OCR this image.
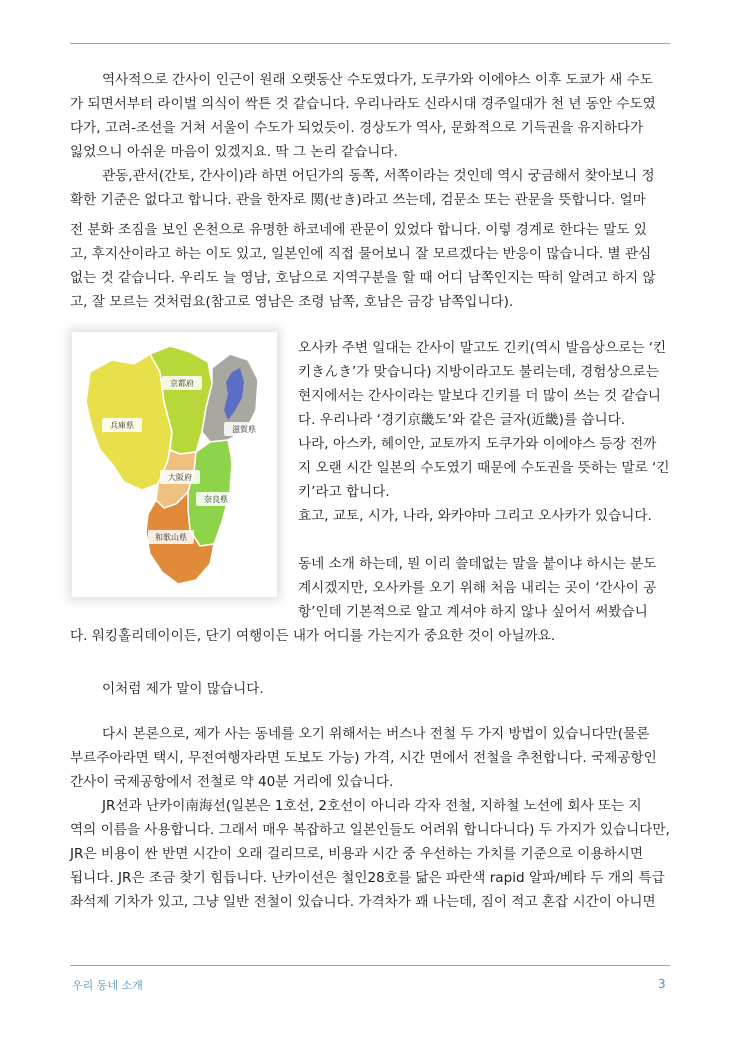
역사적으로 간사이 인근이 원래 오랫동산 수도였다가, 도쿠가와 이에야스 이후 도쿄가 새 수도
가 되면서부터 라이벌 의식이 싹튼 것 같습니다. 우리나라도 신라시대 경주일대가 천 년 동안 수도였
다가, 고려-조선을 거쳐 서울이 수도가 되었듯이. 경상도가 역사, 문화적으로 기득권을 유지하다가
잃었으니 아쉬운 마음이 있겠지요. 딱 그 논리 같습니다.
관동,관서(간토, 간사이)라 하면 어딘가의 동쪽, 서쪽이라는 것인데 역시 궁금해서 찾아보니 정
확한 기준은 없다고 합니다. 관을 한자로 関(せき)라고 쓰는데, 검문소 또는 관문을 뜻합니다. 얼마
전 분화 조짐을 보인 온천으로 유명한 하코네에 관문이 있었다 합니다. 이렇 경계로 한다는 말도 있
고, 후지산이라고 하는 이도 있고, 일본인에 직접 물어보니 잘 모르겠다는 반응이 많습니다. 별 관심
없는 것 같습니다. 우리도 늘 영남, 호남으로 지역구분을 할 때 어디 남쪽인지는 딱히 알려고 하지 않
고, 잘 모르는 것처럼요(참고로 영남은 조령 남쪽, 호남은 금강 남쪽입니다).
兵庫県
京都府
滋賀県
大阪府
奈良県
和歌山県
오사카 주변 일대는 간사이 말고도 긴키(역시 발음상으로는 ‘킨
키きんき’가 맞습니다) 지방이라고도 불리는데, 경험상으로는
현지에서는 간사이라는 말보다 긴키를 더 많이 쓰는 것 같습니
다. 우리나라 ‘경기京畿도’와 같은 글자(近畿)를 씁니다.
나라, 아스카, 헤이안, 교토까지 도쿠가와 이에야스 등장 전까
지 오랜 시간 일본의 수도였기 때문에 수도권을 뜻하는 말로 ‘긴
키’라고 합니다.
효고, 교토, 시가, 나라, 와카야마 그리고 오사카가 있습니다.

동네 소개 하는데, 뭔 이리 쓸데없는 말을 붙이냐 하시는 분도
계시겠지만, 오사카를 오기 위해 처음 내리는 곳이 ‘간사이 공
항’인데 기본적으로 알고 계셔야 하지 않나 싶어서 써봤습니
다. 워킹홀리데이이든, 단기 여행이든 내가 어디를 가는지가 중요한 것이 아닐까요.
이처럼 제가 말이 많습니다.
다시 본론으로, 제가 사는 동네를 오기 위해서는 버스나 전철 두 가지 방법이 있습니다만(물론
부르주아라면 택시, 무전여행자라면 도보도 가능) 가격, 시간 면에서 전철을 추천합니다. 국제공항인
간사이 국제공항에서 전철로 약 40분 거리에 있습니다.
JR선과 난카이南海선(일본은 1호선, 2호선이 아니라 각자 전철, 지하철 노선에 회사 또는 지
역의 이름을 사용합니다. 그래서 매우 복잡하고 일본인들도 어려워 합니다니다) 두 가지가 있습니다만,
JR은 비용이 싼 반면 시간이 오래 걸리므로, 비용과 시간 중 우선하는 가치를 기준으로 이용하시면
됩니다. JR은 조금 찾기 힘듭니다. 난카이선은 철인28호를 닮은 파란색 rapid 알파/베타 두 개의 특급
좌석제 기차가 있고, 그냥 일반 전철이 있습니다. 가격차가 꽤 나는데, 짐이 적고 혼잡 시간이 아니면
우리 동네 소개	3
